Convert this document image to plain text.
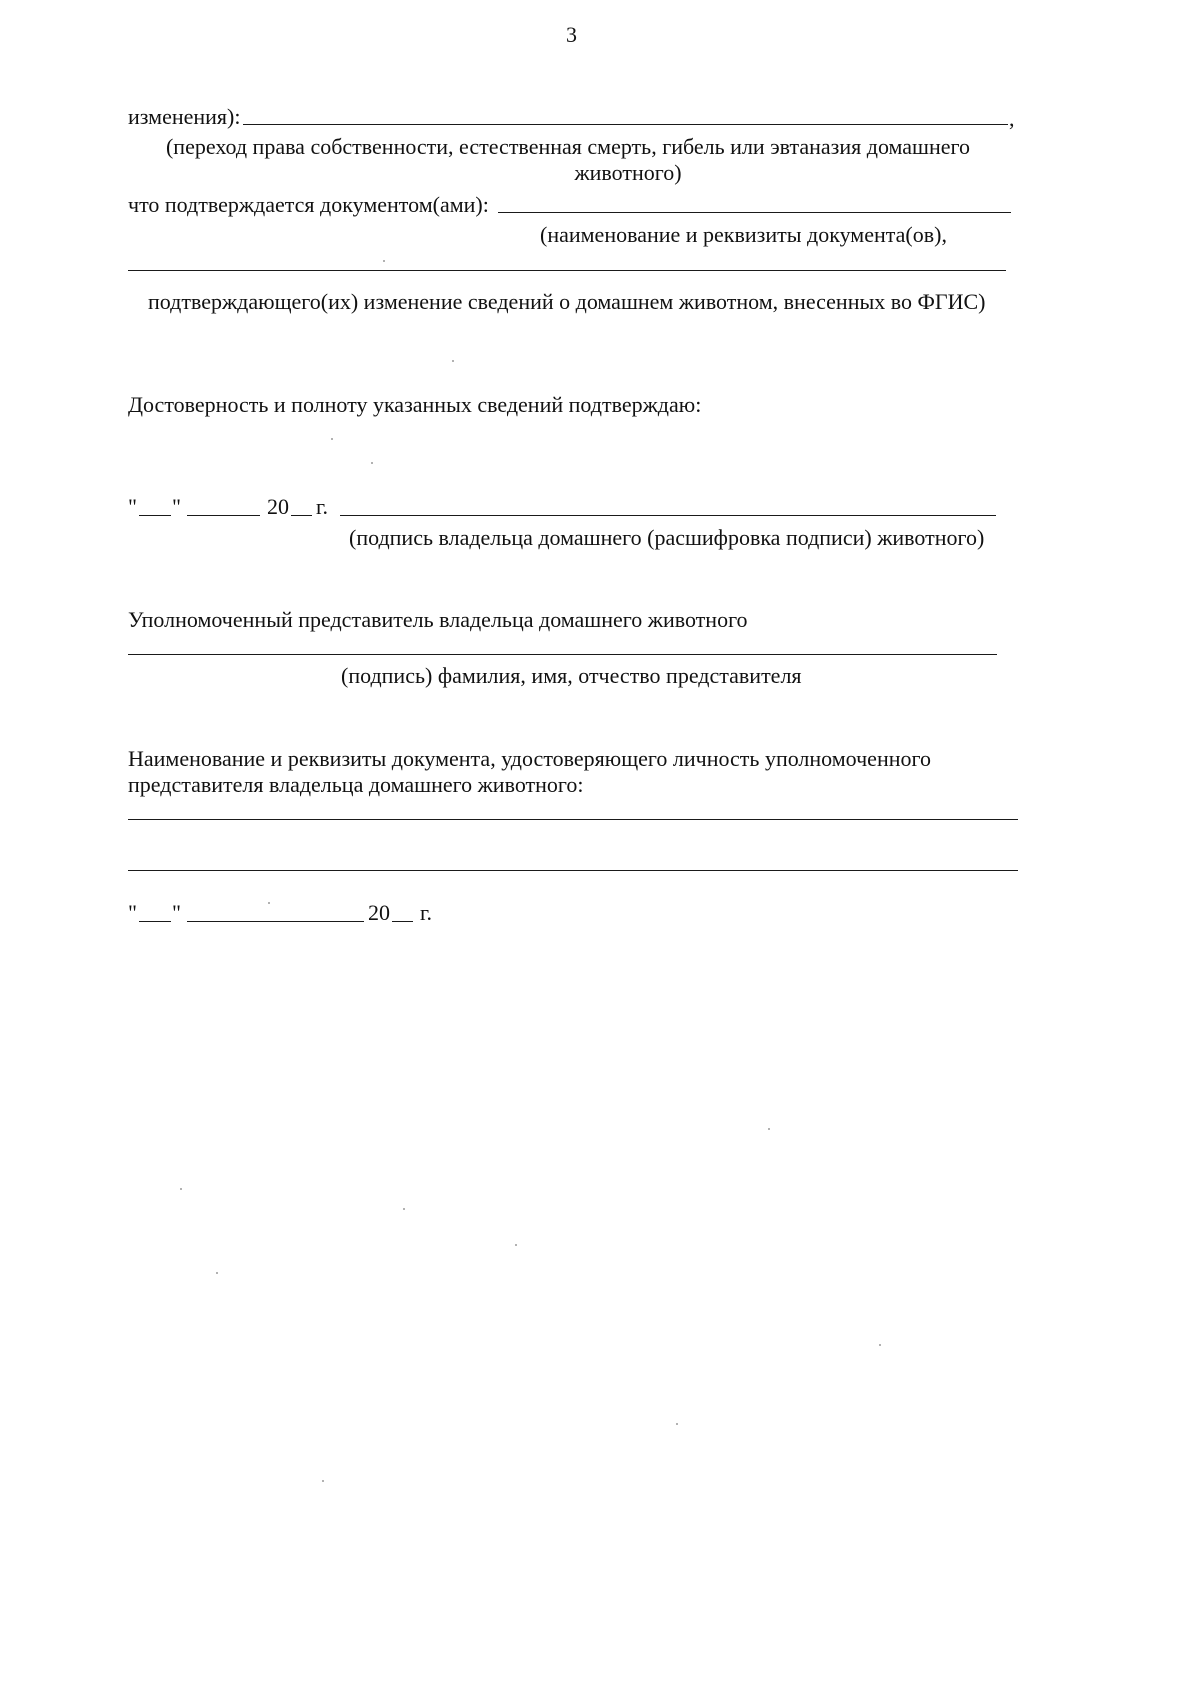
3
изменения):	,
(переход права собственности, естественная смерть, гибель или эвтаназия домашнего
животного)
что подтверждается документом(ами):
(наименование и реквизиты документа(ов),
подтверждающего(их) изменение сведений о домашнем животном, внесенных во ФГИС)
Достоверность и полноту указанных сведений подтверждаю:
" "	20 г.
(подпись владельца домашнего (расшифровка подписи) животного)
Уполномоченный представитель владельца домашнего животного
(подпись) фамилия, имя, отчество представителя
Наименование и реквизиты документа, удостоверяющего личность уполномоченного
представителя владельца домашнего животного:
" "	20 г.
